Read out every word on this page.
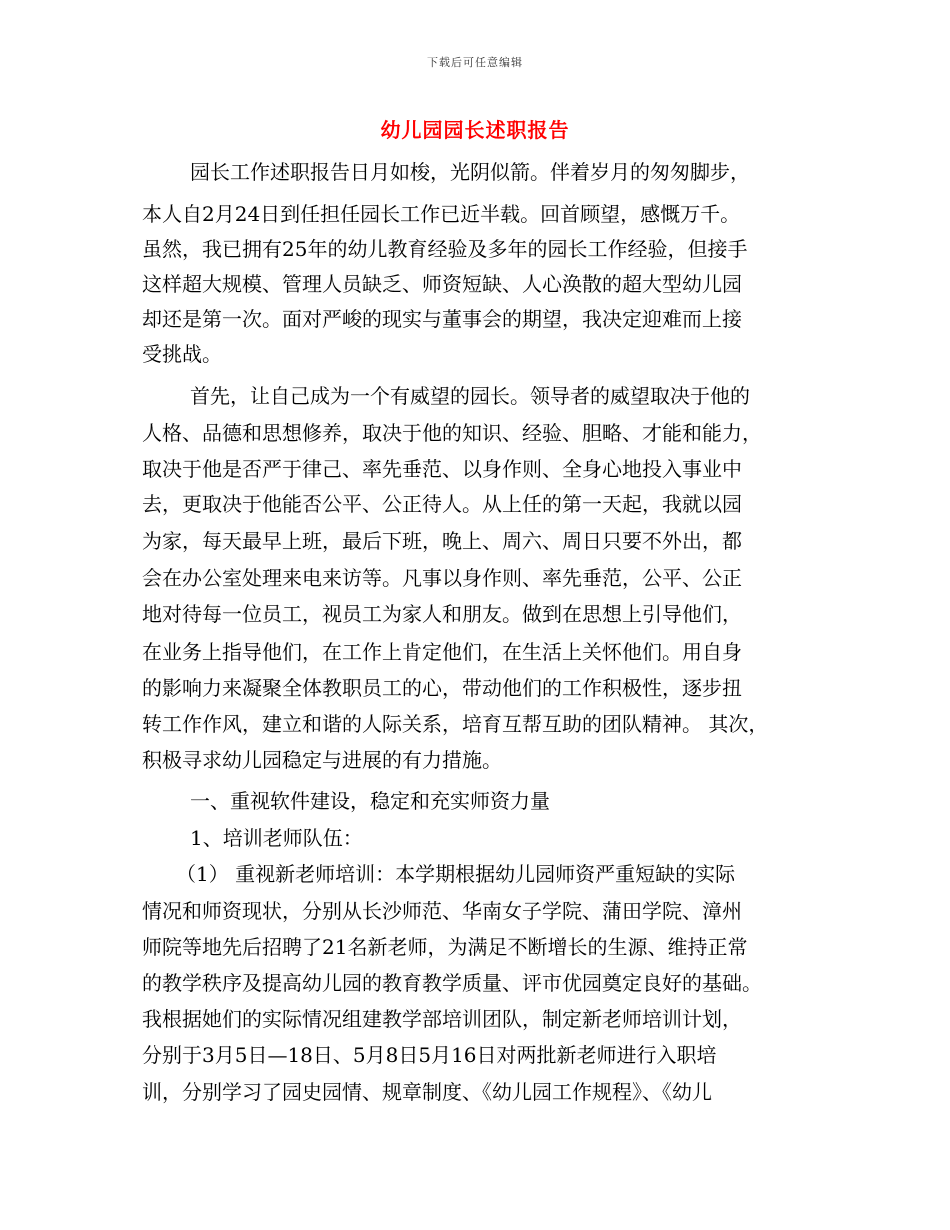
下载后可任意编辑
幼儿园园长述职报告
园长工作述职报告日月如梭，光阴似箭。伴着岁月的匆匆脚步，
本人自2月24日到任担任园长工作已近半载。回首顾望，感慨万千。
虽然，我已拥有25年的幼儿教育经验及多年的园长工作经验，但接手
这样超大规模、管理人员缺乏、师资短缺、人心涣散的超大型幼儿园
却还是第一次。面对严峻的现实与董事会的期望，我决定迎难而上接
受挑战。
首先，让自己成为一个有威望的园长。领导者的威望取决于他的
人格、品德和思想修养，取决于他的知识、经验、胆略、才能和能力，
取决于他是否严于律己、率先垂范、以身作则、全身心地投入事业中
去，更取决于他能否公平、公正待人。从上任的第一天起，我就以园
为家，每天最早上班，最后下班，晚上、周六、周日只要不外出，都
会在办公室处理来电来访等。凡事以身作则、率先垂范，公平、公正
地对待每一位员工，视员工为家人和朋友。做到在思想上引导他们，
在业务上指导他们，在工作上肯定他们，在生活上关怀他们。用自身
的影响力来凝聚全体教职员工的心，带动他们的工作积极性，逐步扭
转工作作风，建立和谐的人际关系，培育互帮互助的团队精神。 其次，
积极寻求幼儿园稳定与进展的有力措施。
一、重视软件建设，稳定和充实师资力量
1、培训老师队伍：
（1） 重视新老师培训：本学期根据幼儿园师资严重短缺的实际
情况和师资现状，分别从长沙师范、华南女子学院、蒲田学院、漳州
师院等地先后招聘了21名新老师，为满足不断增长的生源、维持正常
的教学秩序及提高幼儿园的教育教学质量、评市优园奠定良好的基础。
我根据她们的实际情况组建教学部培训团队，制定新老师培训计划，
分别于3月5日—18日、5月8日5月16日对两批新老师进行入职培
训，分别学习了园史园情、规章制度、《幼儿园工作规程》、《幼儿
